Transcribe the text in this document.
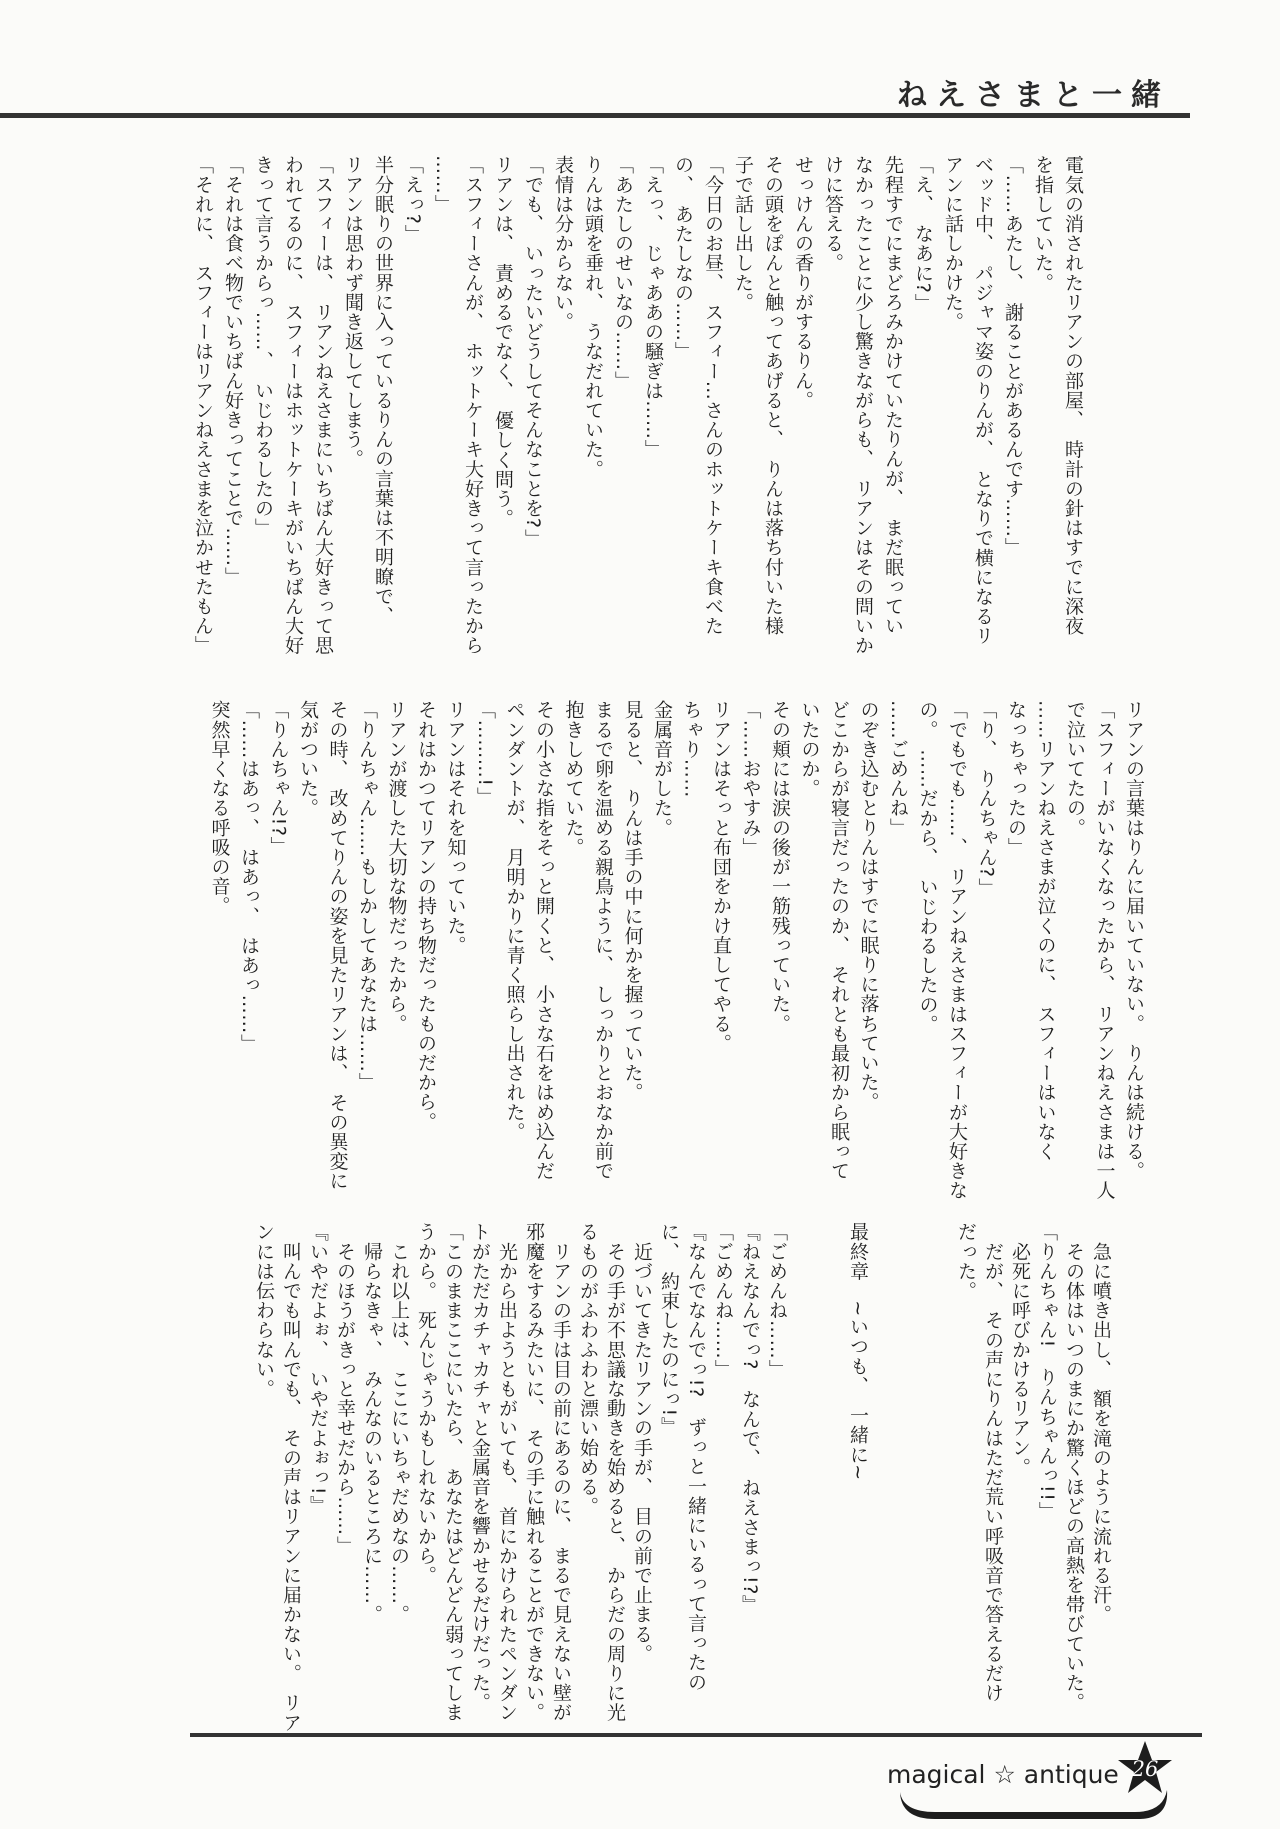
ねえさまと一緒
電気の消されたリアンの部屋、　時計の針はすでに深夜
を指していた。
「……あたし、　謝ることがあるんです……」
ベッド中、　パジャマ姿のりんが、　となりで横になるリ
アンに話しかけた。
「え、　なあに?」
先程すでにまどろみかけていたりんが、　まだ眠ってい
なかったことに少し驚きながらも、　リアンはその問いか
けに答える。
せっけんの香りがするりん。
その頭をぽんと触ってあげると、　りんは落ち付いた様
子で話し出した。
「今日のお昼、　スフィー…さんのホットケーキ食べた
の、　あたしなの……」
「えっ、　じゃああの騒ぎは……」
「あたしのせいなの……」
りんは頭を垂れ、　うなだれていた。
表情は分からない。
「でも、　いったいどうしてそんなことを?」
リアンは、　責めるでなく、　優しく問う。
「スフィーさんが、　ホットケーキ大好きって言ったから
……」
「えっ?」
半分眠りの世界に入っているりんの言葉は不明瞭で、
リアンは思わず聞き返してしまう。
「スフィーは、　リアンねえさまにいちばん大好きって思
われてるのに、　スフィーはホットケーキがいちばん大好
きって言うからっ……、　いじわるしたの」
「それは食べ物でいちばん好きってことで……」
「それに、　スフィーはリアンねえさまを泣かせたもん」
リアンの言葉はりんに届いていない。　りんは続ける。
「スフィーがいなくなったから、　リアンねえさまは一人
で泣いてたの。
……リアンねえさまが泣くのに、　スフィーはいなく
なっちゃったの」
「り、　りんちゃん?」
「でもでも……、　リアンねえさまはスフィーが大好きな
の。　……だから、　いじわるしたの。
……ごめんね」
のぞき込むとりんはすでに眠りに落ちていた。
どこからが寝言だったのか、　それとも最初から眠って
いたのか。
その頬には涙の後が一筋残っていた。
「……おやすみ」
リアンはそっと布団をかけ直してやる。
ちゃり……
金属音がした。
見ると、　りんは手の中に何かを握っていた。
まるで卵を温める親鳥ように、　しっかりとおなか前で
抱きしめていた。
その小さな指をそっと開くと、　小さな石をはめ込んだ
ペンダントが、　月明かりに青く照らし出された。
「………!」
リアンはそれを知っていた。
それはかつてリアンの持ち物だったものだから。
リアンが渡した大切な物だったから。
「りんちゃん……もしかしてあなたは……」
その時、　改めてりんの姿を見たリアンは、　その異変に
気がついた。
「りんちゃん!?」
「……はあっ、　はあっ、　はあっ……」
突然早くなる呼吸の音。
　急に噴き出し、　額を滝のように流れる汗。
　その体はいつのまにか驚くほどの高熱を帯びていた。
「りんちゃん!　りんちゃんっ!!」
　必死に呼びかけるリアン。
　だが、　その声にりんはただ荒い呼吸音で答えるだけ
だった。

最終章　~いつも、　一緒に~

「ごめんね……」
『ねえなんでっ?　なんで、　ねえさまっ!?』
「ごめんね……」
『なんでなんでっ!?　ずっと一緒にいるって言ったの
に、　約束したのにっ!』
　近づいてきたリアンの手が、　目の前で止まる。
　その手が不思議な動きを始めると、　からだの周りに光
るものがふわふわと漂い始める。
　リアンの手は目の前にあるのに、　まるで見えない壁が
邪魔をするみたいに、　その手に触れることができない。
　光から出ようともがいても、　首にかけられたペンダン
トがただカチャカチャと金属音を響かせるだけだった。
「このままここにいたら、　あなたはどんどん弱ってしま
うから。　死んじゃうかもしれないから。
　これ以上は、　ここにいちゃだめなの……。
　帰らなきゃ、　みんなのいるところに……。
　そのほうがきっと幸せだから……」
『いやだよぉ、　いやだよぉっ!』
　叫んでも叫んでも、　その声はリアンに届かない。　リア
ンには伝わらない。
magical ☆ antique 26
